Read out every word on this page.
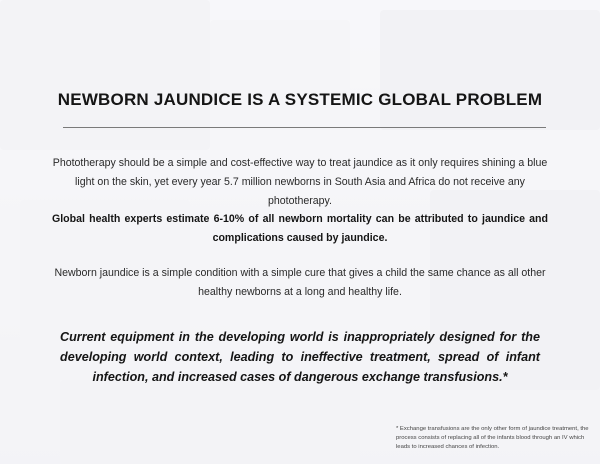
NEWBORN JAUNDICE IS A SYSTEMIC GLOBAL PROBLEM

Phototherapy should be a simple and cost-effective way to treat jaundice as it only requires shining a blue light on the skin, yet every year 5.7 million newborns in South Asia and Africa do not receive any phototherapy.

Global health experts estimate 6-10% of all newborn mortality can be attributed to jaundice and complications caused by jaundice.

Newborn jaundice is a simple condition with a simple cure that gives a child the same chance as all other healthy newborns at a long and healthy life.

Current equipment in the developing world is inappropriately designed for the developing world context, leading to ineffective treatment, spread of infant infection, and increased cases of dangerous exchange transfusions.*

* Exchange transfusions are the only other form of jaundice treatment, the process consists of replacing all of the infants blood through an IV which leads to increased chances of infection.
